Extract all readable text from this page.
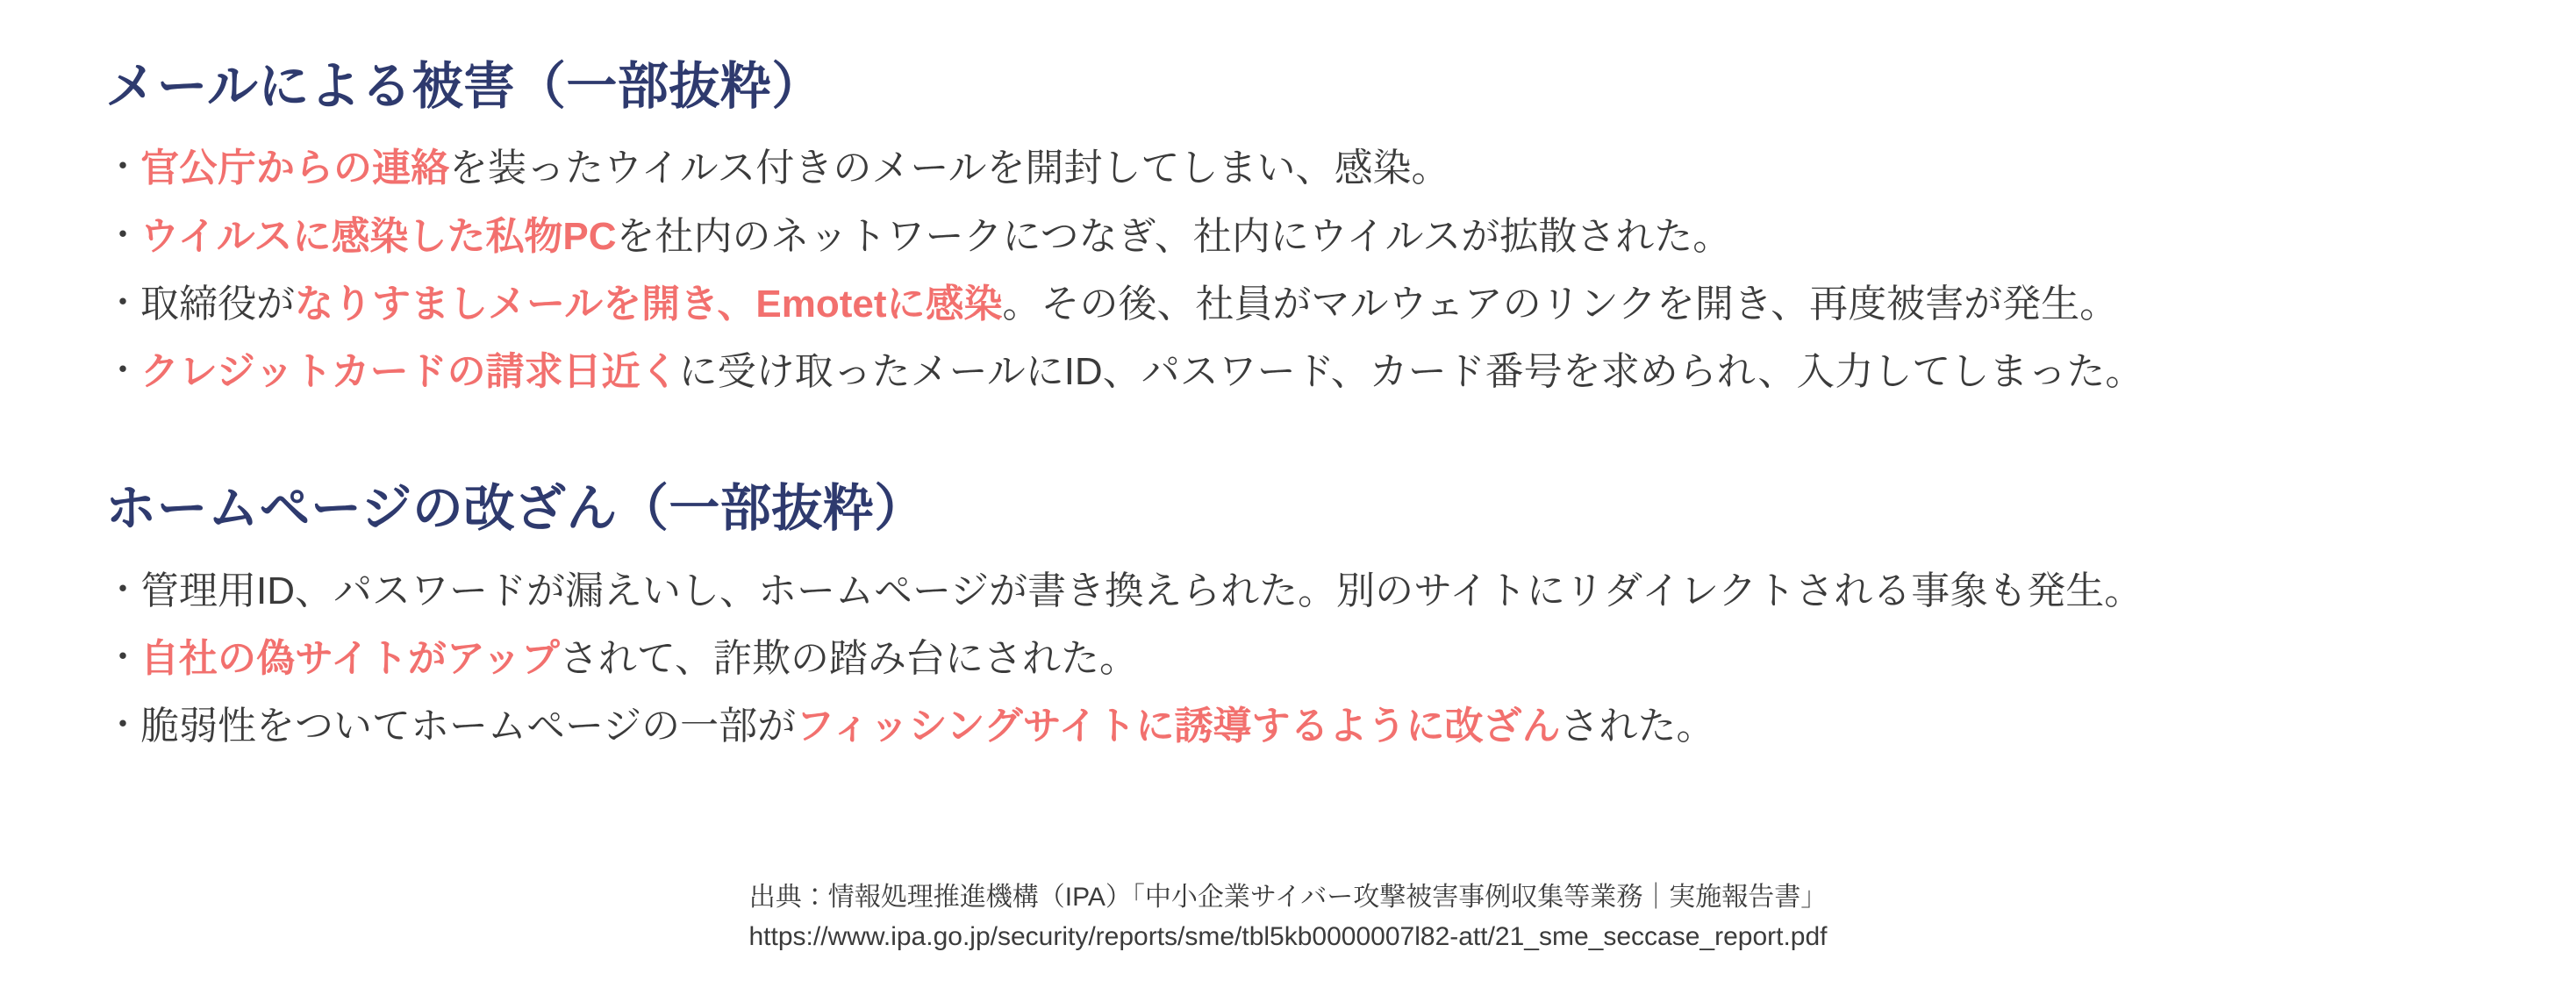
メールによる被害（一部抜粋）
・ 官公庁からの連絡を装ったウイルス付きのメールを開封してしまい、感染。
・ ウイルスに感染した私物PCを社内のネットワークにつなぎ、社内にウイルスが拡散された。
・ 取締役がなりすましメールを開き、Emotetに感染。その後、社員がマルウェアのリンクを開き、再度被害が発生。
・ クレジットカードの請求日近くに受け取ったメールにID、パスワード、カード番号を求められ、入力してしまった。
ホームページの改ざん（一部抜粋）
・ 管理用ID、パスワードが漏えいし、ホームページが書き換えられた。別のサイトにリダイレクトされる事象も発生。
・ 自社の偽サイトがアップされて、詐欺の踏み台にされた。
・ 脆弱性をついてホームページの一部がフィッシングサイトに誘導するように改ざんされた。
出典：情報処理推進機構（IPA）「中小企業サイバー攻撃被害事例収集等業務｜実施報告書」
https://www.ipa.go.jp/security/reports/sme/tbl5kb0000007l82-att/21_sme_seccase_report.pdf
